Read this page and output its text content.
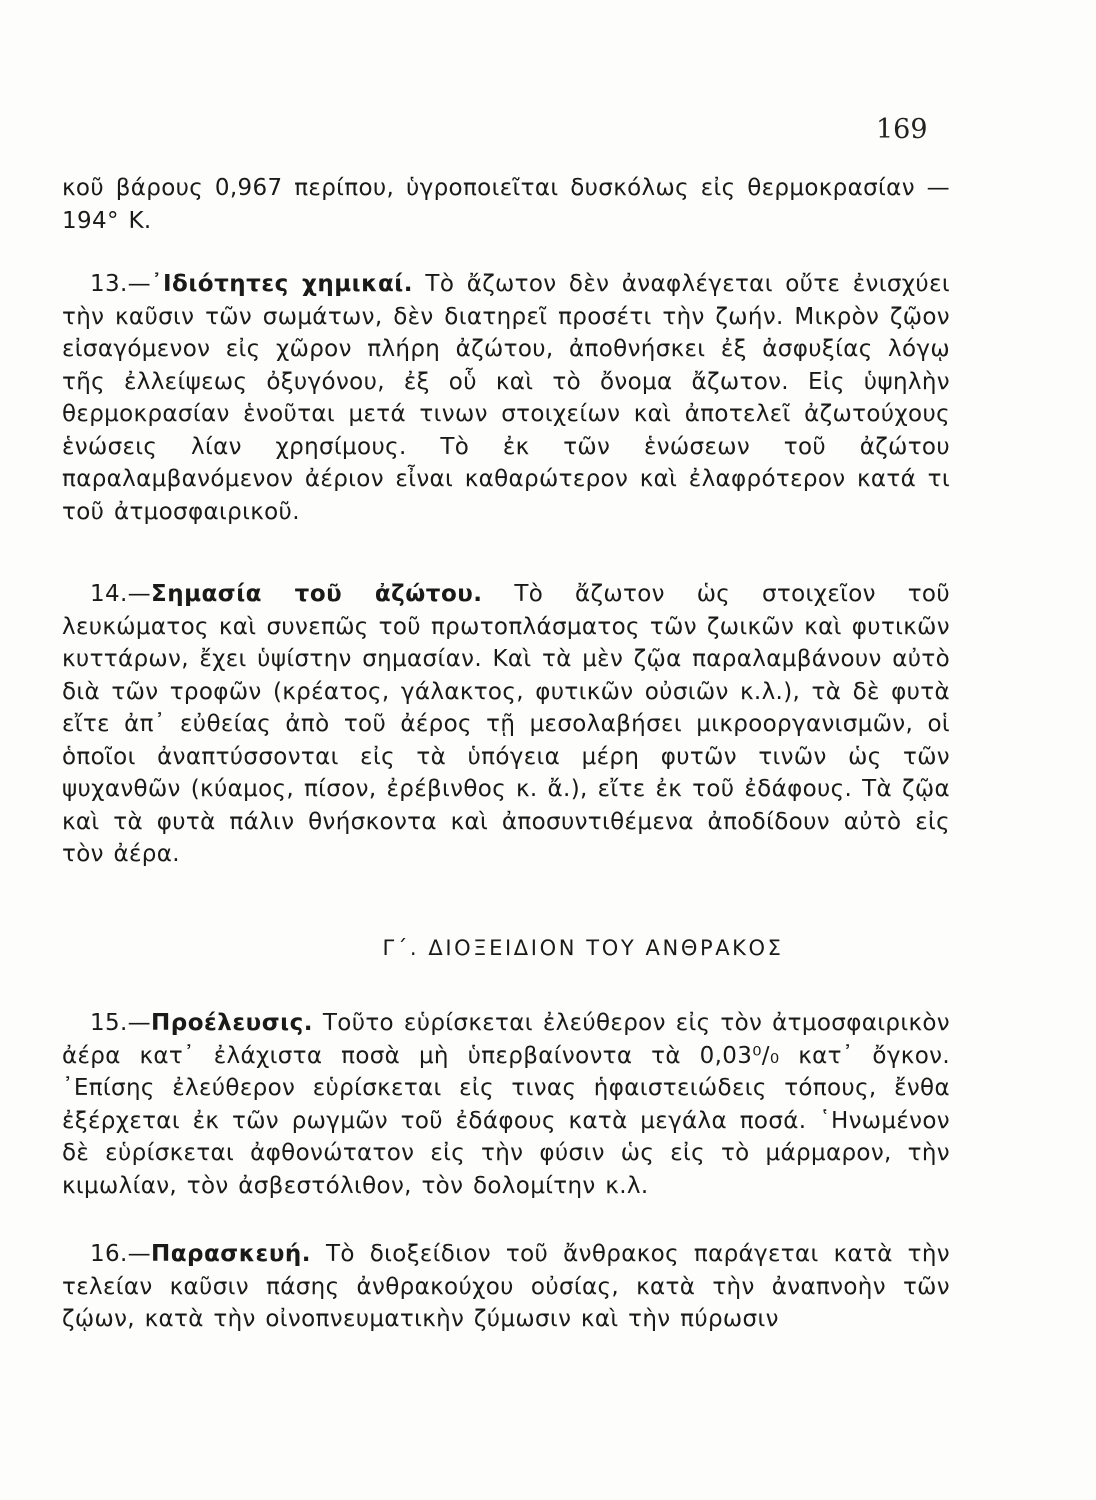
169
κοῦ βάρους 0,967 περίπου, ὑγροποιεῖται δυσκόλως εἰς θερμοκρασίαν —194° Κ.
13.—᾿Ιδιότητες χημικαί. Τὸ ἄζωτον δὲν ἀναφλέγεται οὔτε ἐνισχύει τὴν καῦσιν τῶν σωμάτων, δὲν διατηρεῖ προσέτι τὴν ζωήν. Μικρὸν ζῷον εἰσαγόμενον εἰς χῶρον πλήρη ἀζώτου, ἀποθνήσκει ἐξ ἀσφυξίας λόγῳ τῆς ἐλλείψεως ὀξυγόνου, ἐξ οὗ καὶ τὸ ὄνομα ἄζωτον. Εἰς ὑψηλὴν θερμοκρασίαν ἑνοῦται μετά τινων στοιχείων καὶ ἀποτελεῖ ἀζωτούχους ἑνώσεις λίαν χρησίμους. Τὸ ἐκ τῶν ἑνώσεων τοῦ ἀζώτου παραλαμβανόμενον ἀέριον εἶναι καθαρώτερον καὶ ἐλαφρότερον κατά τι τοῦ ἀτμοσφαιρικοῦ.
14.—Σημασία τοῦ ἀζώτου. Τὸ ἄζωτον ὡς στοιχεῖον τοῦ λευκώματος καὶ συνεπῶς τοῦ πρωτοπλάσματος τῶν ζωικῶν καὶ φυτικῶν κυττάρων, ἔχει ὑψίστην σημασίαν. Καὶ τὰ μὲν ζῷα παραλαμβάνουν αὐτὸ διὰ τῶν τροφῶν (κρέατος, γάλακτος, φυτικῶν οὐσιῶν κ.λ.), τὰ δὲ φυτὰ εἴτε ἀπ᾿ εὐθείας ἀπὸ τοῦ ἀέρος τῇ μεσολαβήσει μικροοργανισμῶν, οἱ ὁποῖοι ἀναπτύσσονται εἰς τὰ ὑπόγεια μέρη φυτῶν τινῶν ὡς τῶν ψυχανθῶν (κύαμος, πίσον, ἐρέβινθος κ. ἄ.), εἴτε ἐκ τοῦ ἐδάφους. Τὰ ζῷα καὶ τὰ φυτὰ πάλιν θνήσκοντα καὶ ἀποσυντιθέμενα ἀποδίδουν αὐτὸ εἰς τὸν ἀέρα.
Γ΄. ΔΙΟΞΕΙΔΙΟΝ ΤΟΥ ΑΝΘΡΑΚΟΣ
15.—Προέλευσις. Τοῦτο εὑρίσκεται ἐλεύθερον εἰς τὸν ἀτμοσφαιρικὸν ἀέρα κατ᾿ ἐλάχιστα ποσὰ μὴ ὑπερβαίνοντα τὰ 0,03⁰/₀ κατ᾿ ὄγκον. ᾿Επίσης ἐλεύθερον εὑρίσκεται εἰς τινας ἡφαιστειώδεις τόπους, ἔνθα ἐξέρχεται ἐκ τῶν ρωγμῶν τοῦ ἐδάφους κατὰ μεγάλα ποσά. ῾Ηνωμένον δὲ εὑρίσκεται ἀφθονώτατον εἰς τὴν φύσιν ὡς εἰς τὸ μάρμαρον, τὴν κιμωλίαν, τὸν ἀσβεστόλιθον, τὸν δολομίτην κ.λ.
16.—Παρασκευή. Τὸ διοξείδιον τοῦ ἄνθρακος παράγεται κατὰ τὴν τελείαν καῦσιν πάσης ἀνθρακούχου οὐσίας, κατὰ τὴν ἀναπνοὴν τῶν ζῴων, κατὰ τὴν οἰνοπνευματικὴν ζύμωσιν καὶ τὴν πύρωσιν
